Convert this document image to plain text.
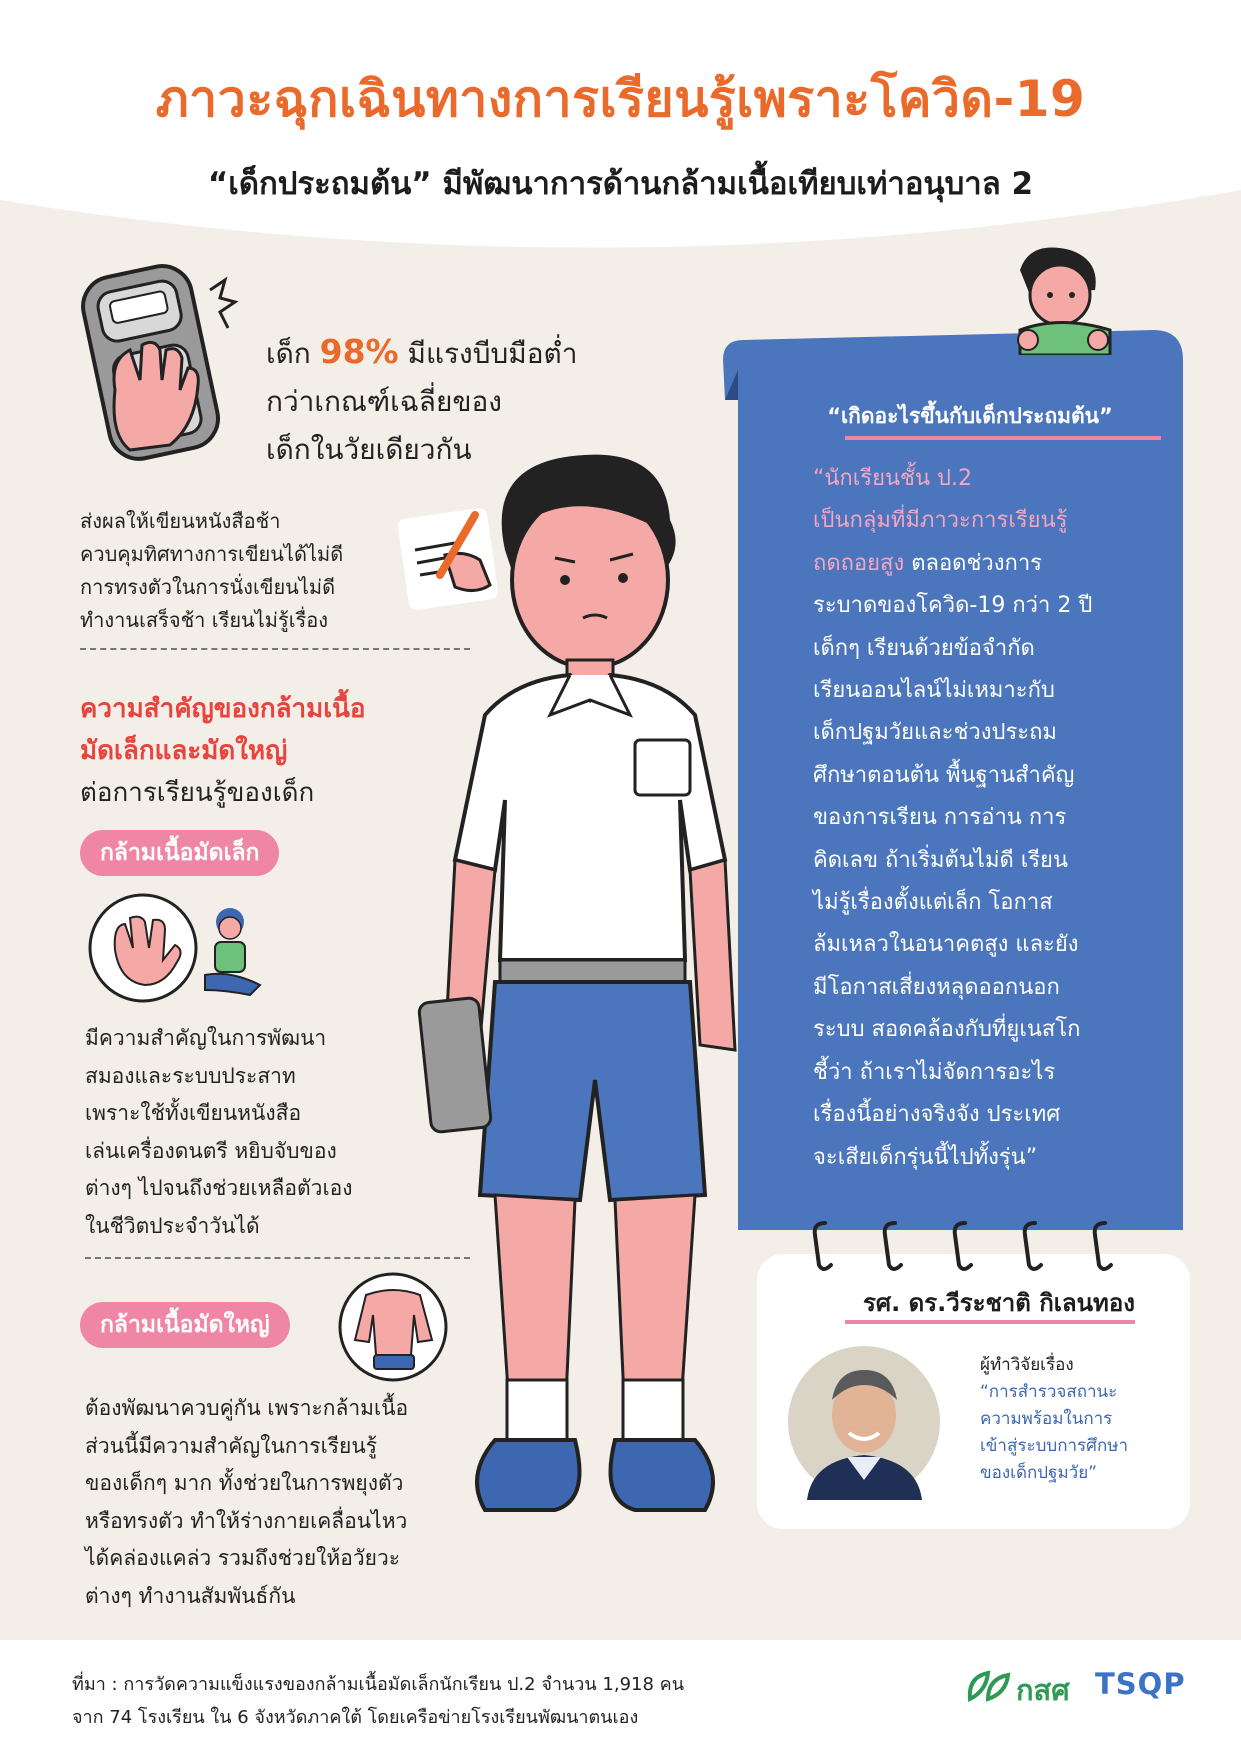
ภาวะฉุกเฉินทางการเรียนรู้เพราะโควิด-19
“เด็กประถมต้น” มีพัฒนาการด้านกล้ามเนื้อเทียบเท่าอนุบาล 2
เด็ก 98% มีแรงบีบมือต่ำ
กว่าเกณฑ์เฉลี่ยของ
เด็กในวัยเดียวกัน
ส่งผลให้เขียนหนังสือช้า
ควบคุมทิศทางการเขียนได้ไม่ดี
การทรงตัวในการนั่งเขียนไม่ดี
ทำงานเสร็จช้า เรียนไม่รู้เรื่อง
ความสำคัญของกล้ามเนื้อ
มัดเล็กและมัดใหญ่
ต่อการเรียนรู้ของเด็ก
กล้ามเนื้อมัดเล็ก
มีความสำคัญในการพัฒนา
สมองและระบบประสาท
เพราะใช้ทั้งเขียนหนังสือ
เล่นเครื่องดนตรี หยิบจับของ
ต่างๆ ไปจนถึงช่วยเหลือตัวเอง
ในชีวิตประจำวันได้
กล้ามเนื้อมัดใหญ่
ต้องพัฒนาควบคู่กัน เพราะกล้ามเนื้อ
ส่วนนี้มีความสำคัญในการเรียนรู้
ของเด็กๆ มาก ทั้งช่วยในการพยุงตัว
หรือทรงตัว ทำให้ร่างกายเคลื่อนไหว
ได้คล่องแคล่ว รวมถึงช่วยให้อวัยวะ
ต่างๆ ทำงานสัมพันธ์กัน
“เกิดอะไรขึ้นกับเด็กประถมต้น”
“นักเรียนชั้น ป.2
เป็นกลุ่มที่มีภาวะการเรียนรู้
ถดถอยสูง ตลอดช่วงการ
ระบาดของโควิด-19 กว่า 2 ปี
เด็กๆ เรียนด้วยข้อจำกัด
เรียนออนไลน์ไม่เหมาะกับ
เด็กปฐมวัยและช่วงประถม
ศึกษาตอนต้น พื้นฐานสำคัญ
ของการเรียน การอ่าน การ
คิดเลข ถ้าเริ่มต้นไม่ดี เรียน
ไม่รู้เรื่องตั้งแต่เล็ก โอกาส
ล้มเหลวในอนาคตสูง และยัง
มีโอกาสเสี่ยงหลุดออกนอก
ระบบ สอดคล้องกับที่ยูเนสโก
ชี้ว่า ถ้าเราไม่จัดการอะไร
เรื่องนี้อย่างจริงจัง ประเทศ
จะเสียเด็กรุ่นนี้ไปทั้งรุ่น”
รศ. ดร.วีระชาติ กิเลนทอง
ผู้ทำวิจัยเรื่อง
“การสำรวจสถานะ
ความพร้อมในการ
เข้าสู่ระบบการศึกษา
ของเด็กปฐมวัย”
ที่มา : การวัดความแข็งแรงของกล้ามเนื้อมัดเล็กนักเรียน ป.2 จำนวน 1,918 คน
จาก 74 โรงเรียน ใน 6 จังหวัดภาคใต้ โดยเครือข่ายโรงเรียนพัฒนาตนเอง
กสศ TSQP
